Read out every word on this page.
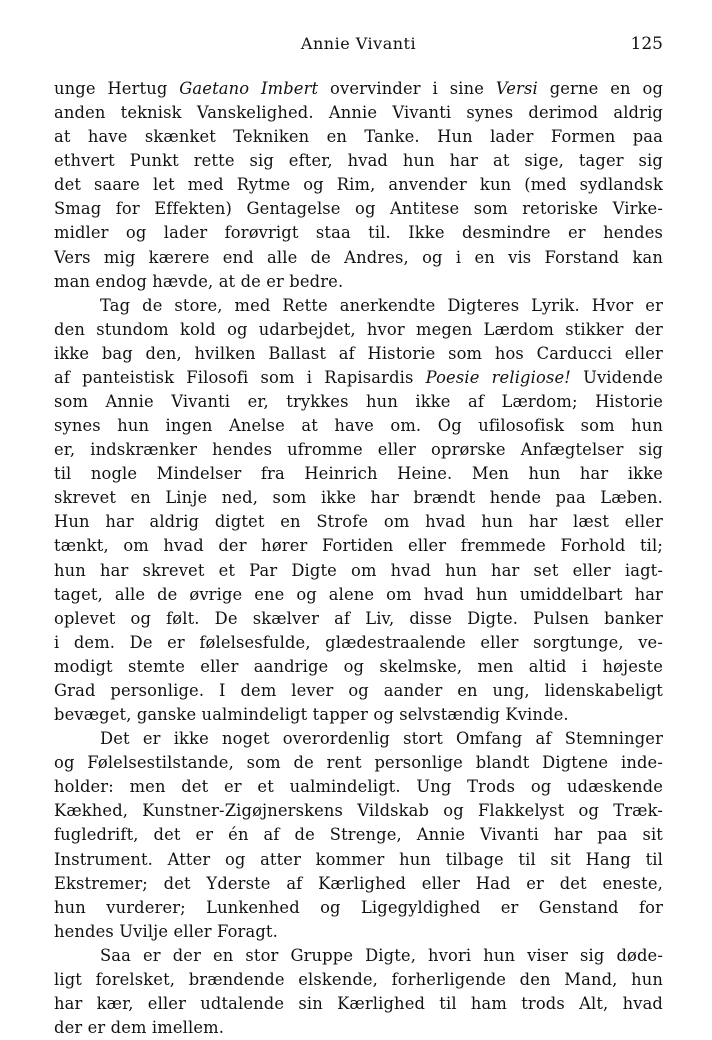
Annie Vivanti	125
unge Hertug Gaetano Imbert overvinder i sine Versi gerne en og
anden teknisk Vanskelighed. Annie Vivanti synes derimod aldrig
at have skænket Tekniken en Tanke. Hun lader Formen paa
ethvert Punkt rette sig efter, hvad hun har at sige, tager sig
det saare let med Rytme og Rim, anvender kun (med sydlandsk
Smag for Effekten) Gentagelse og Antitese som retoriske Virke-
midler og lader forøvrigt staa til. Ikke desmindre er hendes
Vers mig kærere end alle de Andres, og i en vis Forstand kan
man endog hævde, at de er bedre.
Tag de store, med Rette anerkendte Digteres Lyrik. Hvor er
den stundom kold og udarbejdet, hvor megen Lærdom stikker der
ikke bag den, hvilken Ballast af Historie som hos Carducci eller
af panteistisk Filosofi som i Rapisardis Poesie religiose! Uvidende
som Annie Vivanti er, trykkes hun ikke af Lærdom; Historie
synes hun ingen Anelse at have om. Og ufilosofisk som hun
er, indskrænker hendes ufromme eller oprørske Anfægtelser sig
til nogle Mindelser fra Heinrich Heine. Men hun har ikke
skrevet en Linje ned, som ikke har brændt hende paa Læben.
Hun har aldrig digtet en Strofe om hvad hun har læst eller
tænkt, om hvad der hører Fortiden eller fremmede Forhold til;
hun har skrevet et Par Digte om hvad hun har set eller iagt-
taget, alle de øvrige ene og alene om hvad hun umiddelbart har
oplevet og følt. De skælver af Liv, disse Digte. Pulsen banker
i dem. De er følelsesfulde, glædestraalende eller sorgtunge, ve-
modigt stemte eller aandrige og skelmske, men altid i højeste
Grad personlige. I dem lever og aander en ung, lidenskabeligt
bevæget, ganske ualmindeligt tapper og selvstændig Kvinde.
Det er ikke noget overordenlig stort Omfang af Stemninger
og Følelsestilstande, som de rent personlige blandt Digtene inde-
holder: men det er et ualmindeligt. Ung Trods og udæskende
Kækhed, Kunstner-Zigøjnerskens Vildskab og Flakkelyst og Træk-
fugledrift, det er én af de Strenge, Annie Vivanti har paa sit
Instrument. Atter og atter kommer hun tilbage til sit Hang til
Ekstremer; det Yderste af Kærlighed eller Had er det eneste,
hun vurderer; Lunkenhed og Ligegyldighed er Genstand for
hendes Uvilje eller Foragt.
Saa er der en stor Gruppe Digte, hvori hun viser sig døde-
ligt forelsket, brændende elskende, forherligende den Mand, hun
har kær, eller udtalende sin Kærlighed til ham trods Alt, hvad
der er dem imellem.
